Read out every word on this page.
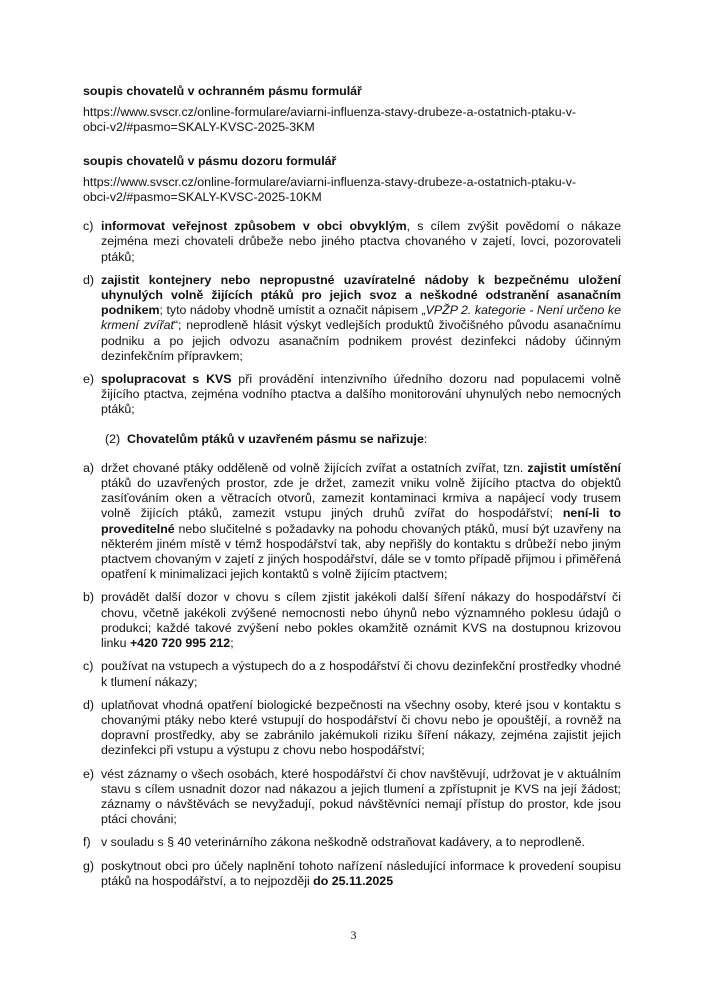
soupis chovatelů v ochranném pásmu formulář

https://www.svscr.cz/online-formulare/aviarni-influenza-stavy-drubeze-a-ostatnich-ptaku-v-
obci-v2/#pasmo=SKALY-KVSC-2025-3KM

soupis chovatelů v pásmu dozoru formulář

https://www.svscr.cz/online-formulare/aviarni-influenza-stavy-drubeze-a-ostatnich-ptaku-v-
obci-v2/#pasmo=SKALY-KVSC-2025-10KM

c) informovat veřejnost způsobem v obci obvyklým, s cílem zvýšit povědomí o nákaze zejména mezi chovateli drůbeže nebo jiného ptactva chovaného v zajetí, lovci, pozorovateli ptáků;
d) zajistit kontejnery nebo nepropustné uzavíratelné nádoby k bezpečnému uložení uhynulých volně žijících ptáků pro jejich svoz a neškodné odstranění asanačním podnikem; tyto nádoby vhodně umístit a označit nápisem „VPŽP 2. kategorie - Není určeno ke krmení zvířat“; neprodleně hlásit výskyt vedlejších produktů živočišného původu asanačnímu podniku a po jejich odvozu asanačním podnikem provést dezinfekci nádoby účinným dezinfekčním přípravkem;
e) spolupracovat s KVS při provádění intenzivního úředního dozoru nad populacemi volně žijícího ptactva, zejména vodního ptactva a dalšího monitorování uhynulých nebo nemocných ptáků;

(2) Chovatelům ptáků v uzavřeném pásmu se nařizuje:

a) držet chované ptáky odděleně od volně žijících zvířat a ostatních zvířat, tzn. zajistit umístění ptáků do uzavřených prostor, zde je držet, zamezit vniku volně žijícího ptactva do objektů zasíťováním oken a větracích otvorů, zamezit kontaminaci krmiva a napájecí vody trusem volně žijících ptáků, zamezit vstupu jiných druhů zvířat do hospodářství; není-li to proveditelné nebo slučitelné s požadavky na pohodu chovaných ptáků, musí být uzavřeny na některém jiném místě v témž hospodářství tak, aby nepřišly do kontaktu s drůbeží nebo jiným ptactvem chovaným v zajetí z jiných hospodářství, dále se v tomto případě přijmou i přiměřená opatření k minimalizaci jejich kontaktů s volně žijícím ptactvem;
b) provádět další dozor v chovu s cílem zjistit jakékoli další šíření nákazy do hospodářství či chovu, včetně jakékoli zvýšené nemocnosti nebo úhynů nebo významného poklesu údajů o produkci; každé takové zvýšení nebo pokles okamžitě oznámit KVS na dostupnou krizovou linku +420 720 995 212;
c) používat na vstupech a výstupech do a z hospodářství či chovu dezinfekční prostředky vhodné k tlumení nákazy;
d) uplatňovat vhodná opatření biologické bezpečnosti na všechny osoby, které jsou v kontaktu s chovanými ptáky nebo které vstupují do hospodářství či chovu nebo je opouštějí, a rovněž na dopravní prostředky, aby se zabránilo jakémukoli riziku šíření nákazy, zejména zajistit jejich dezinfekci při vstupu a výstupu z chovu nebo hospodářství;
e) vést záznamy o všech osobách, které hospodářství či chov navštěvují, udržovat je v aktuálním stavu s cílem usnadnit dozor nad nákazou a jejich tlumení a zpřístupnit je KVS na její žádost; záznamy o návštěvách se nevyžadují, pokud návštěvníci nemají přístup do prostor, kde jsou ptáci chováni;
f) v souladu s § 40 veterinárního zákona neškodně odstraňovat kadávery, a to neprodleně.
g) poskytnout obci pro účely naplnění tohoto nařízení následující informace k provedení soupisu ptáků na hospodářství, a to nejpozději do 25.11.2025
3
